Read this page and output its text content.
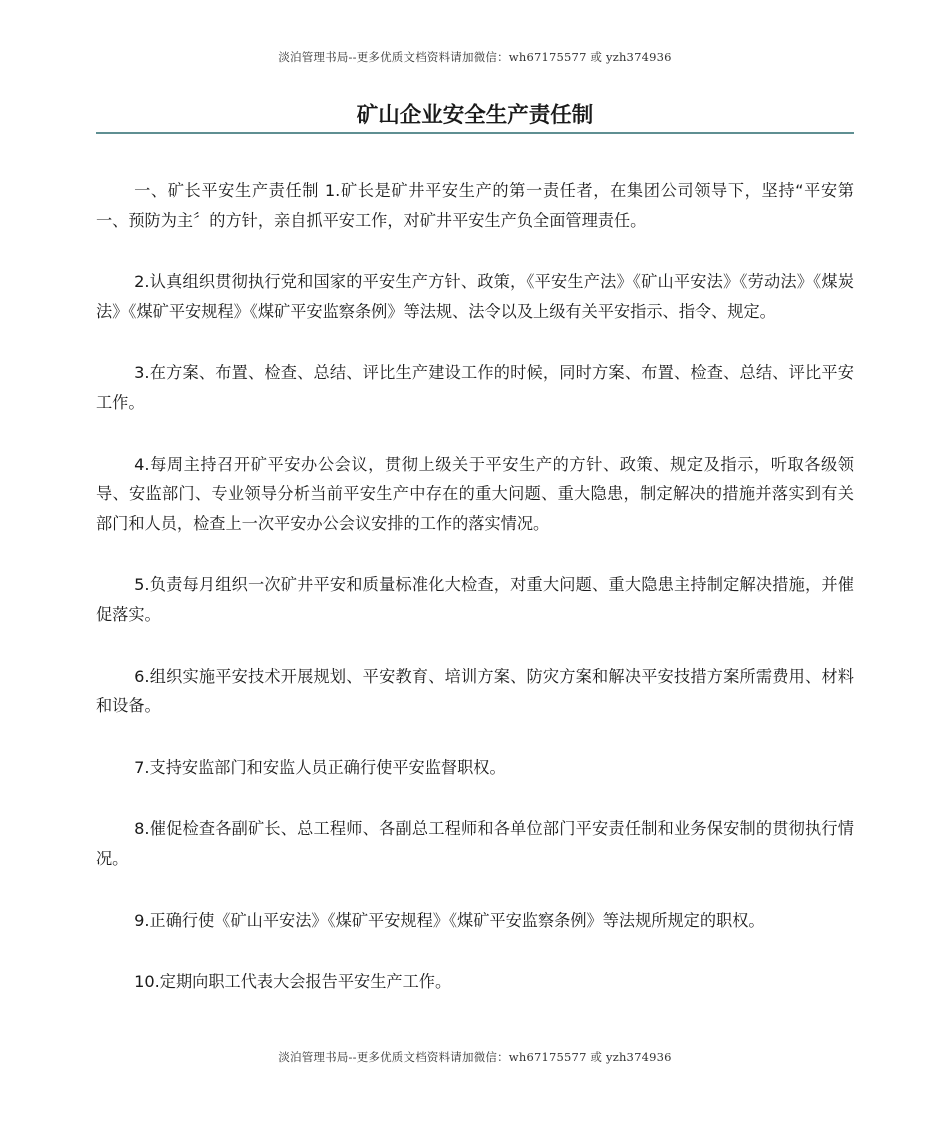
淡泊管理书局--更多优质文档资料请加微信：wh67175577 或 yzh374936
矿山企业安全生产责任制

一、矿长平安生产责任制 1.矿长是矿井平安生产的第一责任者，在集团公司领导下，坚持“平安第一、预防为主〞的方针，亲自抓平安工作，对矿井平安生产负全面管理责任。

2.认真组织贯彻执行党和国家的平安生产方针、政策，《平安生产法》《矿山平安法》《劳动法》《煤炭法》《煤矿平安规程》《煤矿平安监察条例》等法规、法令以及上级有关平安指示、指令、规定。

3.在方案、布置、检查、总结、评比生产建设工作的时候，同时方案、布置、检查、总结、评比平安工作。

4.每周主持召开矿平安办公会议，贯彻上级关于平安生产的方针、政策、规定及指示，听取各级领导、安监部门、专业领导分析当前平安生产中存在的重大问题、重大隐患，制定解决的措施并落实到有关部门和人员，检查上一次平安办公会议安排的工作的落实情况。

5.负责每月组织一次矿井平安和质量标准化大检查，对重大问题、重大隐患主持制定解决措施，并催促落实。

6.组织实施平安技术开展规划、平安教育、培训方案、防灾方案和解决平安技措方案所需费用、材料和设备。

7.支持安监部门和安监人员正确行使平安监督职权。

8.催促检查各副矿长、总工程师、各副总工程师和各单位部门平安责任制和业务保安制的贯彻执行情况。

9.正确行使《矿山平安法》《煤矿平安规程》《煤矿平安监察条例》等法规所规定的职权。

10.定期向职工代表大会报告平安生产工作。

淡泊管理书局--更多优质文档资料请加微信：wh67175577 或 yzh374936
